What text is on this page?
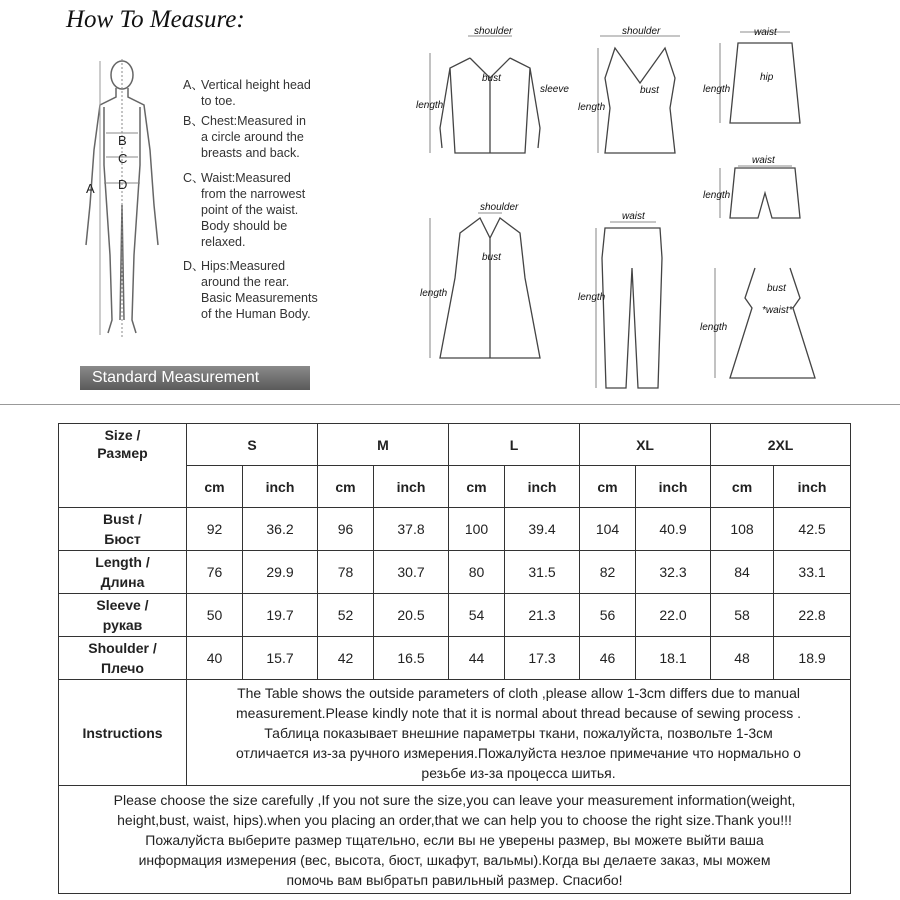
How To Measure:
B
C
D
A
A、Vertical height head
to toe.
B、Chest:Measured in
a circle around the
breasts and back.
C、Waist:Measured
from the narrowest
point of the waist.
Body should be
relaxed.
D、Hips:Measured
around the rear.
Basic Measurements
of the Human Body.
Standard Measurement
shoulder
bust
sleeve
length
shoulder
bust
length
waist
hip
length
waist
length
shoulder
bust
length
waist
length
bust
*waist*
length
Size /
Размер	S		M		L		XL		2XL	
	cm	inch	cm	inch	cm	inch	cm	inch	cm	inch

Bust /
Бюст	92	36.2	96	37.8	100	39.4	104	40.9	108	42.5

Length /
Длина	76	29.9	78	30.7	80	31.5	82	32.3	84	33.1

Sleeve /
рукав	50	19.7	52	20.5	54	21.3	56	22.0	58	22.8

Shoulder /
Плечо	40	15.7	42	16.5	44	17.3	46	18.1	48	18.9
Instructions	The Table shows the outside parameters of cloth ,please allow 1-3cm differs due to manual
measurement.Please kindly note that it is normal about thread because of sewing process .
Таблица показывает внешние параметры ткани, пожалуйста, позвольте 1-3см
отличается из-за ручного измерения.Пожалуйста незлое примечание что нормально о
резьбе из-за процесса шитья.									

Please choose the size carefully ,If you not sure the size,you can leave your measurement information(weight,
height,bust, waist, hips).when you placing an order,that we can help you to choose the right size.Thank you!!!
Пожалуйста выберите размер тщательно, если вы не уверены размер, вы можете выйти ваша
информация измерения (вес, высота, бюст, шкафут, вальмы).Когда вы делаете заказ, мы можем
помочь вам выбратьп равильный размер. Спасибо!										
